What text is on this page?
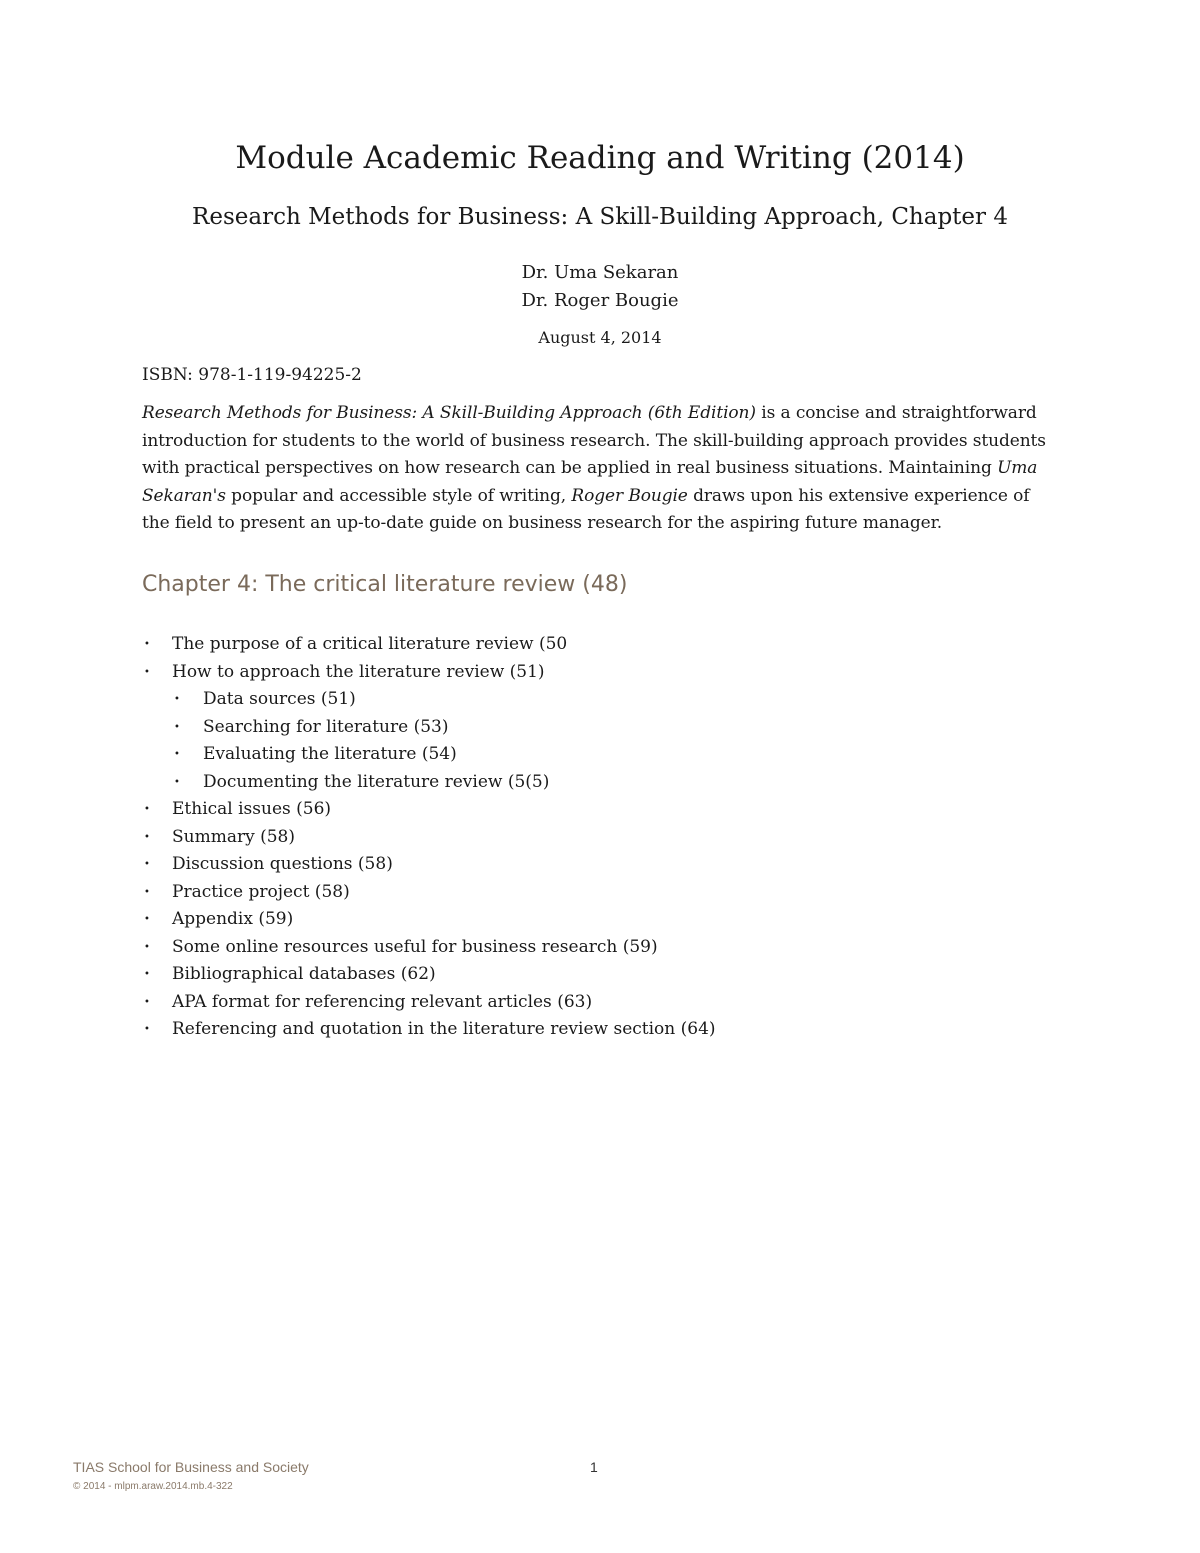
Module Academic Reading and Writing (2014)
Research Methods for Business: A Skill-Building Approach, Chapter 4
Dr. Uma Sekaran
Dr. Roger Bougie
August 4, 2014
ISBN: 978-1-119-94225-2

Research Methods for Business: A Skill-Building Approach (6th Edition) is a concise and straightforward introduction for students to the world of business research. The skill-building approach provides students with practical perspectives on how research can be applied in real business situations. Maintaining Uma Sekaran's popular and accessible style of writing, Roger Bougie draws upon his extensive experience of the field to present an up-to-date guide on business research for the aspiring future manager.

Chapter 4: The critical literature review (48)
• The purpose of a critical literature review (50
• How to approach the literature review (51)
• Data sources (51)
• Searching for literature (53)
• Evaluating the literature (54)
• Documenting the literature review (5(5)
• Ethical issues (56)
• Summary (58)
• Discussion questions (58)
• Practice project (58)
• Appendix (59)
• Some online resources useful for business research (59)
• Bibliographical databases (62)
• APA format for referencing relevant articles (63)
• Referencing and quotation in the literature review section (64)
TIAS School for Business and Society	1
© 2014 - mlpm.araw.2014.mb.4-322
